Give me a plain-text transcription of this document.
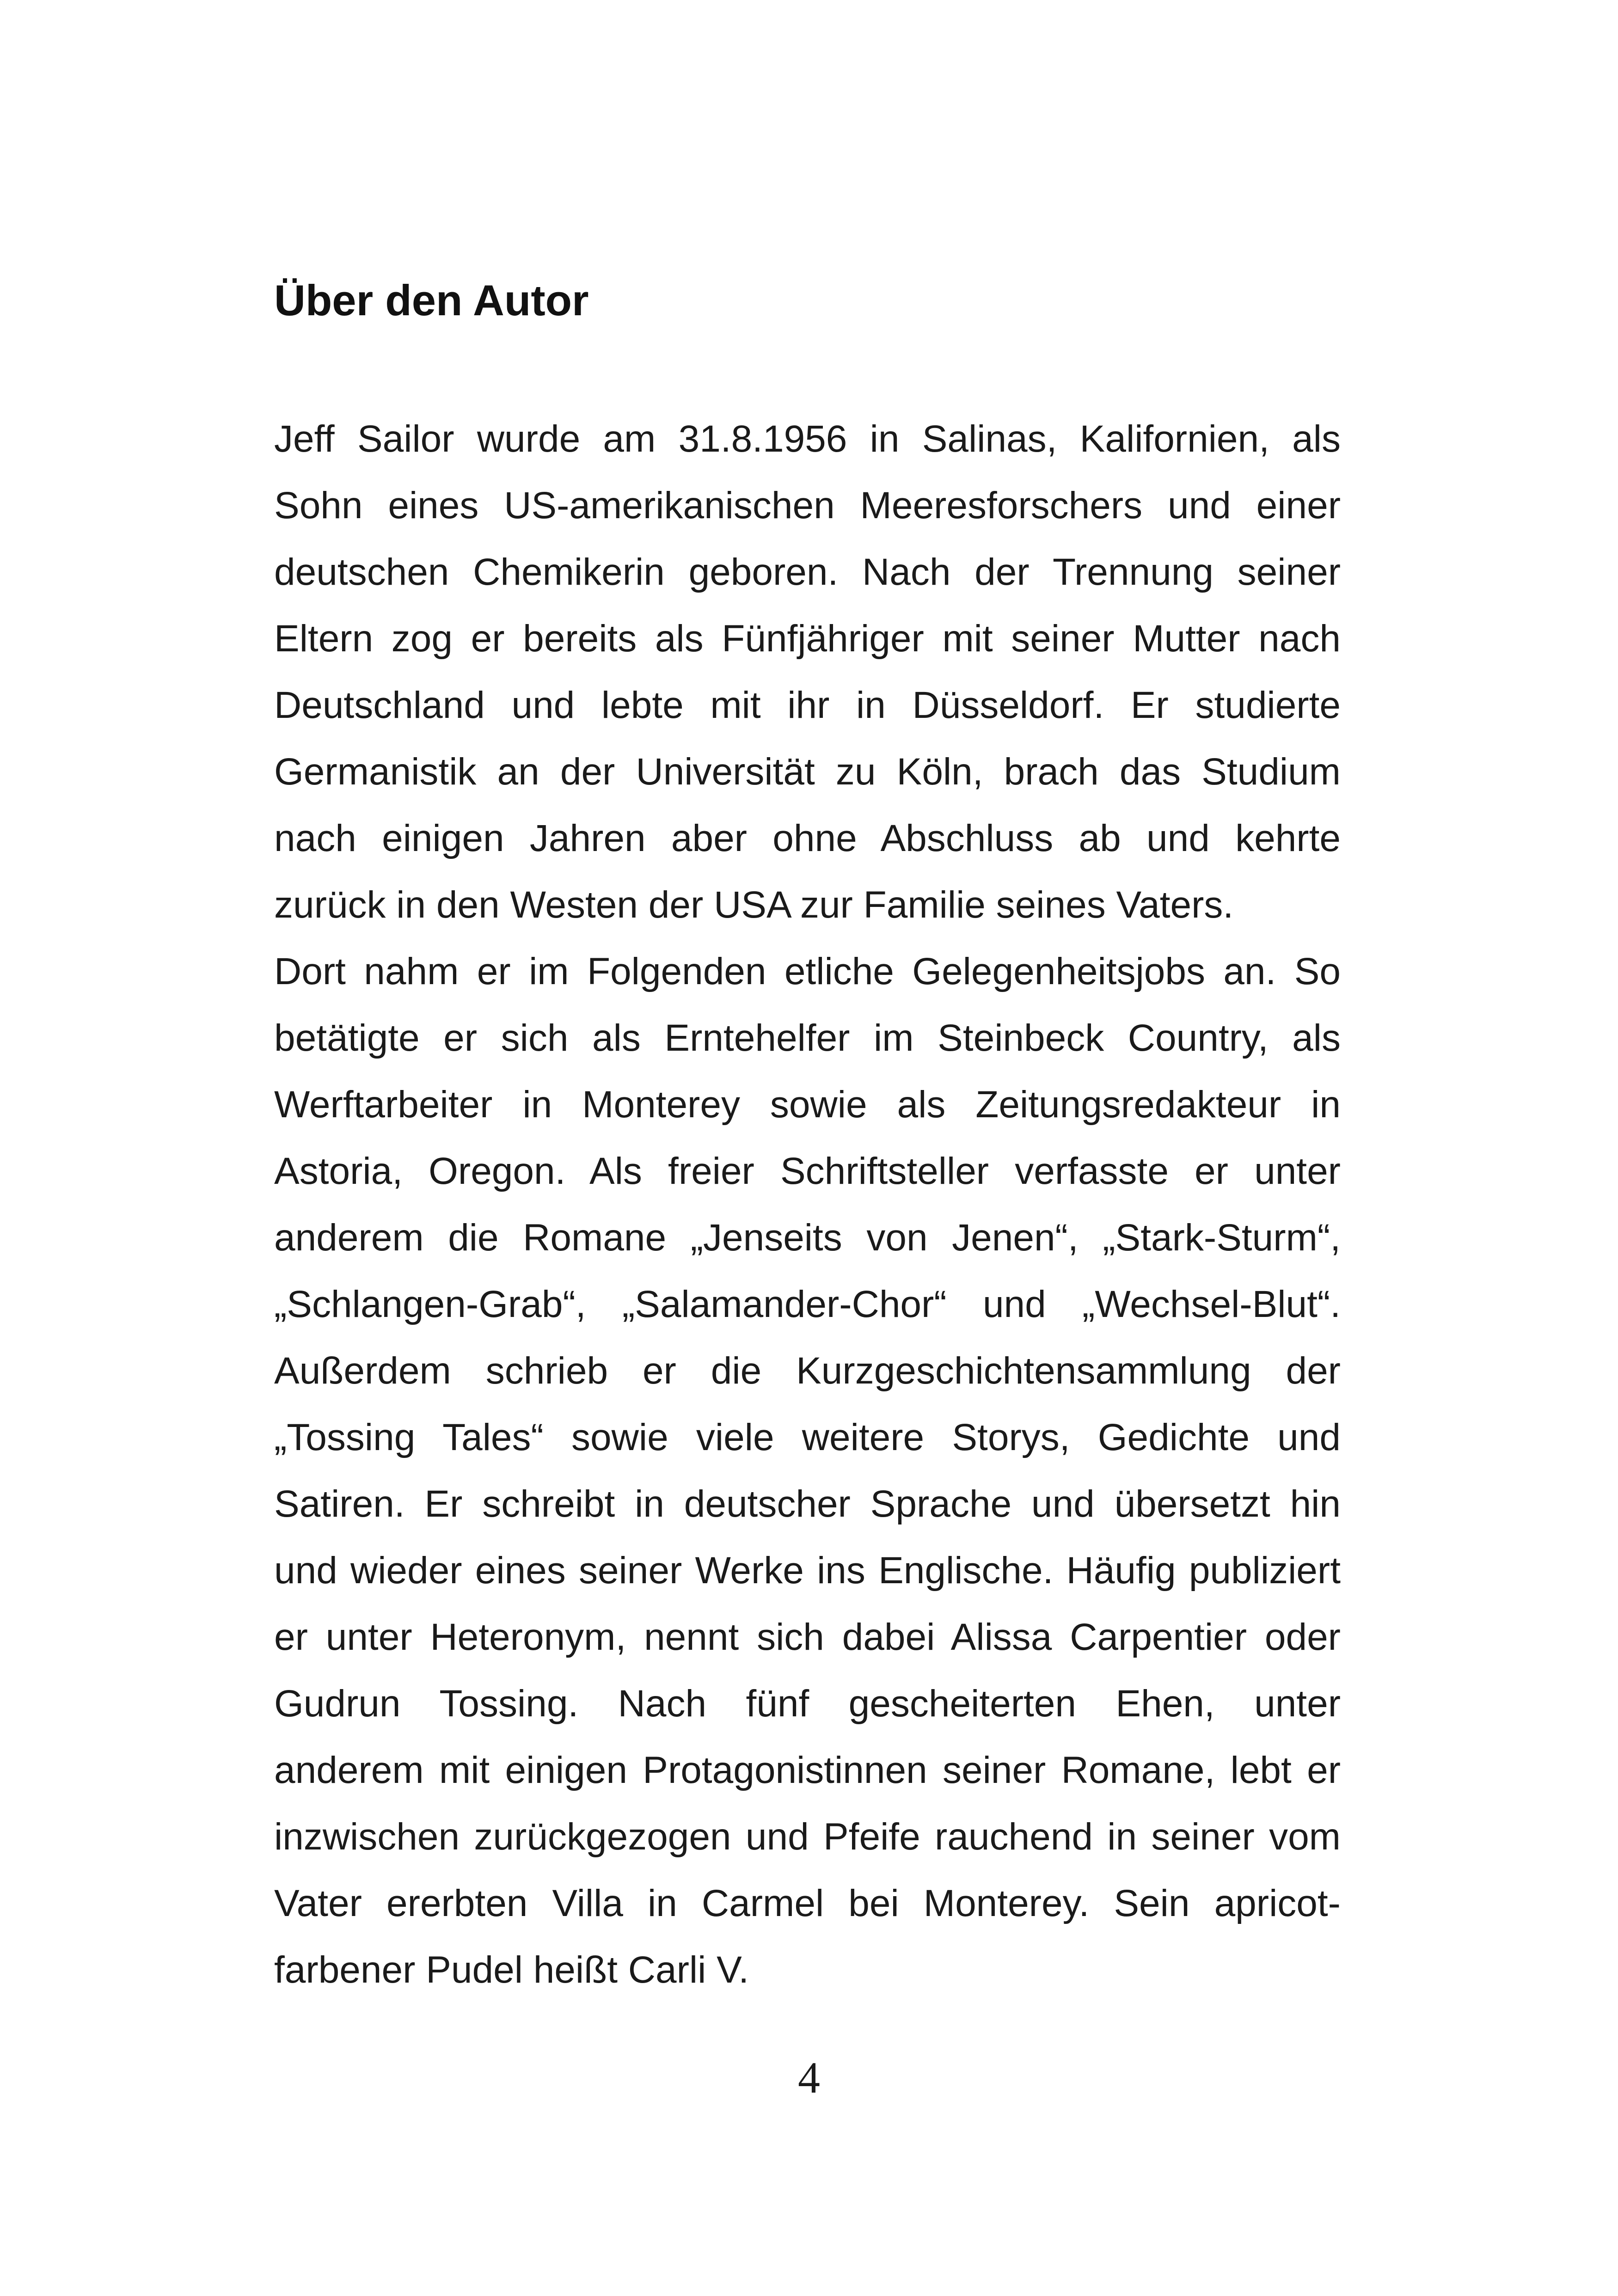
Über den Autor
Jeff Sailor wurde am 31.8.1956 in Salinas, Kalifornien, als
Sohn eines US-amerikanischen Meeresforschers und einer
deutschen Chemikerin geboren. Nach der Trennung seiner
Eltern zog er bereits als Fünfjähriger mit seiner Mutter nach
Deutschland und lebte mit ihr in Düsseldorf. Er studierte
Germanistik an der Universität zu Köln, brach das Studium
nach einigen Jahren aber ohne Abschluss ab und kehrte
zurück in den Westen der USA zur Familie seines Vaters.
Dort nahm er im Folgenden etliche Gelegenheitsjobs an. So
betätigte er sich als Erntehelfer im Steinbeck Country, als
Werftarbeiter in Monterey sowie als Zeitungsredakteur in
Astoria, Oregon. Als freier Schriftsteller verfasste er unter
anderem die Romane „Jenseits von Jenen“, „Stark-Sturm“,
„Schlangen-Grab“, „Salamander-Chor“ und „Wechsel-Blut“.
Außerdem schrieb er die Kurzgeschichtensammlung der
„Tossing Tales“ sowie viele weitere Storys, Gedichte und
Satiren. Er schreibt in deutscher Sprache und übersetzt hin
und wieder eines seiner Werke ins Englische. Häufig publiziert
er unter Heteronym, nennt sich dabei Alissa Carpentier oder
Gudrun Tossing. Nach fünf gescheiterten Ehen, unter
anderem mit einigen Protagonistinnen seiner Romane, lebt er
inzwischen zurückgezogen und Pfeife rauchend in seiner vom
Vater ererbten Villa in Carmel bei Monterey. Sein apricot-
farbener Pudel heißt Carli V.
4
